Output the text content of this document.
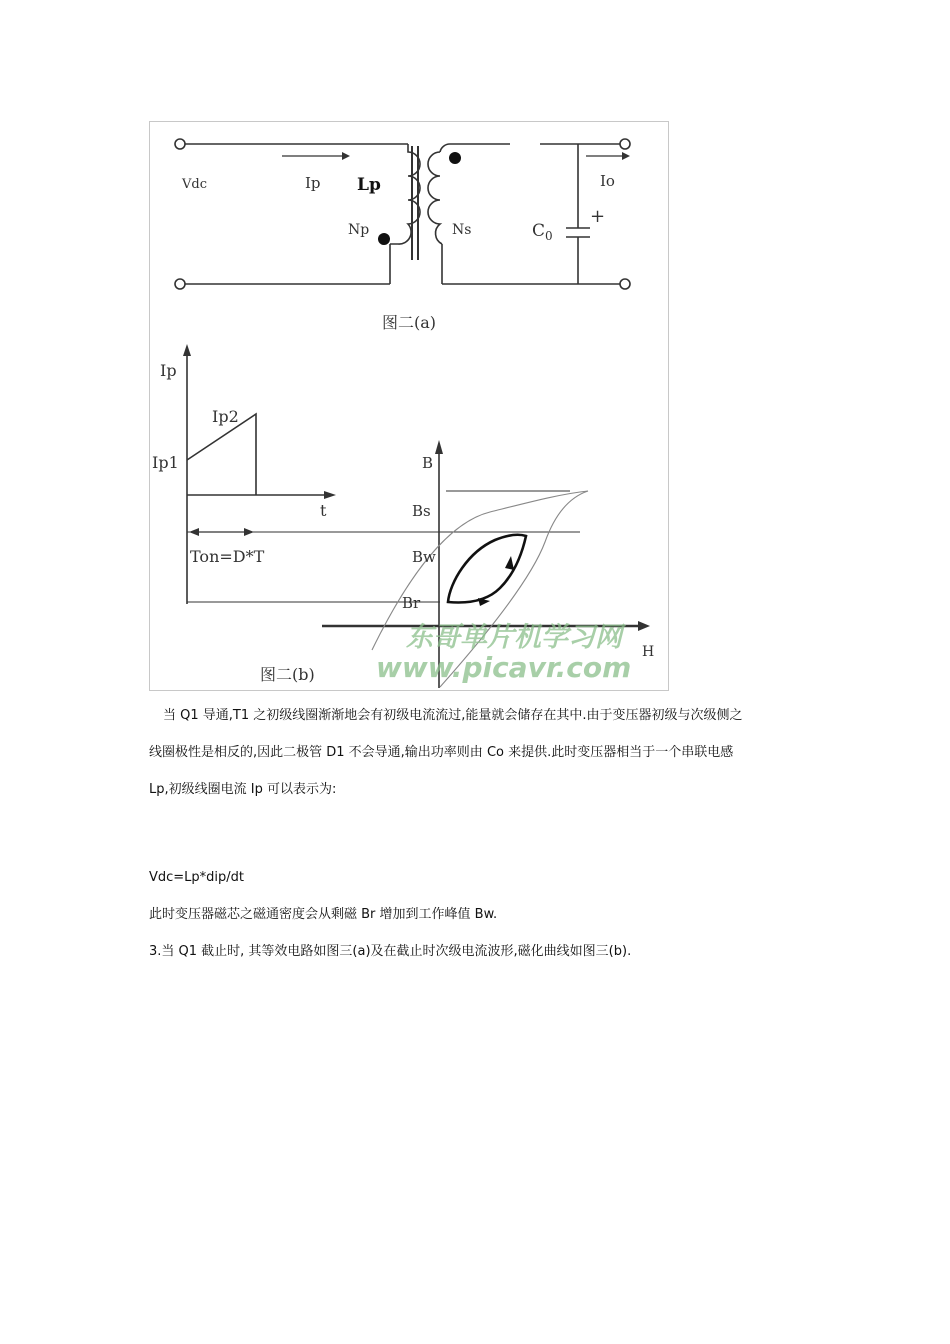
Vdc	Ip Lp
Np	Ns
Io
+
$C_0$
图二(a)
Ip
Ip2
Ip1
t
Ton=D*T
B
Bs
Bw
Br
H
图二(b)
东哥单片机学习网
www.picavr.com
当 Q1 导通,T1 之初级线圈渐渐地会有初级电流流过,能量就会储存在其中.由于变压器初级与次级侧之
线圈极性是相反的,因此二极管 D1 不会导通,输出功率则由 Co 来提供.此时变压器相当于一个串联电感
Lp,初级线圈电流 Ip 可以表示为:
Vdc=Lp*dip/dt
此时变压器磁芯之磁通密度会从剩磁 Br 增加到工作峰值 Bw.
3.当 Q1 截止时, 其等效电路如图三(a)及在截止时次级电流波形,磁化曲线如图三(b).
